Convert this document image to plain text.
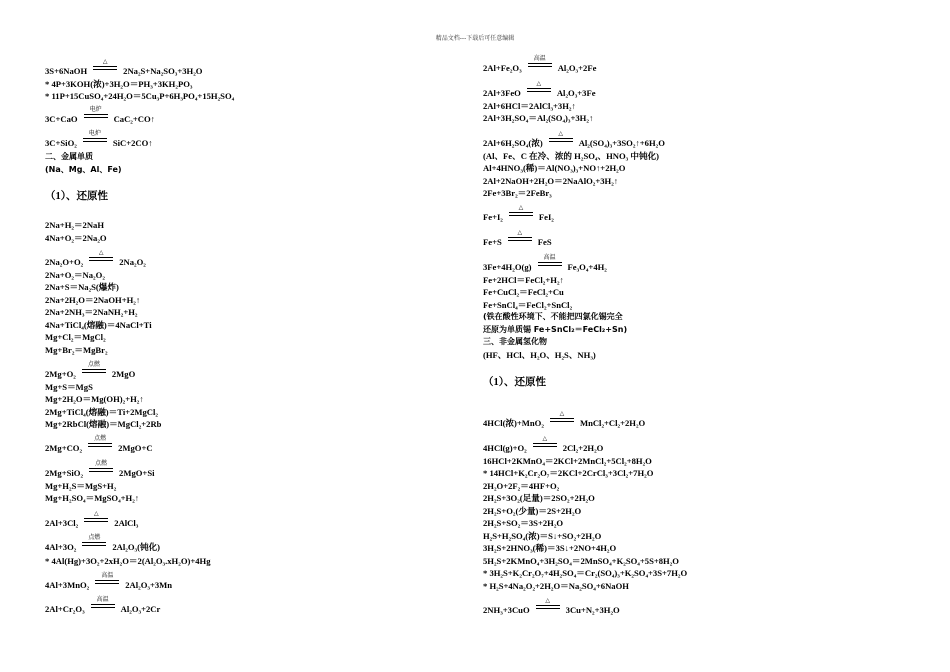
精品文档---下载后可任意编辑
3S+6NaOH
△
2Na₂S+Na₂SO₃+3H₂O
* 4P+3KOH(浓)+3H₂O＝PH₃+3KH₂PO₃
* 11P+15CuSO₄+24H₂O＝5Cu₃P+6H₃PO₄+15H₂SO₄
3C+CaO
电炉
CaC₂+CO↑
3C+SiO₂
电炉
SiC+2CO↑
二、金属单质
(Na、Mg、Al、Fe)
（1）、还原性
2Na+H₂＝2NaH
4Na+O₂＝2Na₂O
2Na₂O+O₂
△
2Na₂O₂
2Na+O₂＝Na₂O₂
2Na+S＝Na₂S(爆炸)
2Na+2H₂O＝2NaOH+H₂↑
2Na+2NH₃＝2NaNH₂+H₂
4Na+TiCl₄(熔融)＝4NaCl+Ti
Mg+Cl₂＝MgCl₂
Mg+Br₂＝MgBr₂
2Mg+O₂
点燃
2MgO
Mg+S＝MgS
Mg+2H₂O＝Mg(OH)₂+H₂↑
2Mg+TiCl₄(熔融)＝Ti+2MgCl₂
Mg+2RbCl(熔融)＝MgCl₂+2Rb
2Mg+CO₂
点燃
2MgO+C
2Mg+SiO₂
点燃
2MgO+Si
Mg+H₂S＝MgS+H₂
Mg+H₂SO₄＝MgSO₄+H₂↑
2Al+3Cl₂
△
2AlCl₃
4Al+3O₂
点燃
2Al₂O₃(钝化)
* 4Al(Hg)+3O₂+2xH₂O＝2(Al₂O₃.xH₂O)+4Hg
4Al+3MnO₂
高温
2Al₂O₃+3Mn
2Al+Cr₂O₃
高温
Al₂O₃+2Cr
2Al+Fe₂O₃
高温
Al₂O₃+2Fe
2Al+3FeO
△
Al₂O₃+3Fe
2Al+6HCl＝2AlCl₃+3H₂↑
2Al+3H₂SO₄＝Al₂(SO₄)₃+3H₂↑
2Al+6H₂SO₄(浓)
△
Al₂(SO₄)₃+3SO₂↑+6H₂O
(Al、Fe、C 在冷、浓的 H₂SO₄、HNO₃ 中钝化)
Al+4HNO₃(稀)＝Al(NO₃)₃+NO↑+2H₂O
2Al+2NaOH+2H₂O＝2NaAlO₂+3H₂↑
2Fe+3Br₂＝2FeBr₃
Fe+I₂
△
FeI₂
Fe+S
△
FeS
3Fe+4H₂O(g)
高温
Fe₃O₄+4H₂
Fe+2HCl＝FeCl₂+H₂↑
Fe+CuCl₂＝FeCl₂+Cu
Fe+SnCl₄＝FeCl₂+SnCl₂
(铁在酸性环境下、不能把四氯化锡完全
还原为单质锡 Fe+SnCl₂＝FeCl₂+Sn)
三、非金属氢化物
(HF、HCl、H₂O、H₂S、NH₃)
（1）、还原性
4HCl(浓)+MnO₂
△
MnCl₂+Cl₂+2H₂O
4HCl(g)+O₂
△
2Cl₂+2H₂O
16HCl+2KMnO₄＝2KCl+2MnCl₂+5Cl₂+8H₂O
* 14HCl+K₂Cr₂O₇＝2KCl+2CrCl₃+3Cl₂+7H₂O
2H₂O+2F₂＝4HF+O₂
2H₂S+3O₂(足量)＝2SO₂+2H₂O
2H₂S+O₂(少量)＝2S+2H₂O
2H₂S+SO₂＝3S+2H₂O
H₂S+H₂SO₄(浓)＝S↓+SO₂+2H₂O
3H₂S+2HNO₃(稀)＝3S↓+2NO+4H₂O
5H₂S+2KMnO₄+3H₂SO₄＝2MnSO₄+K₂SO₄+5S+8H₂O
* 3H₂S+K₂Cr₂O₇+4H₂SO₄＝Cr₂(SO₄)₃+K₂SO₄+3S+7H₂O
* H₂S+4Na₂O₂+2H₂O＝Na₂SO₄+6NaOH
2NH₃+3CuO
△
3Cu+N₂+3H₂O
